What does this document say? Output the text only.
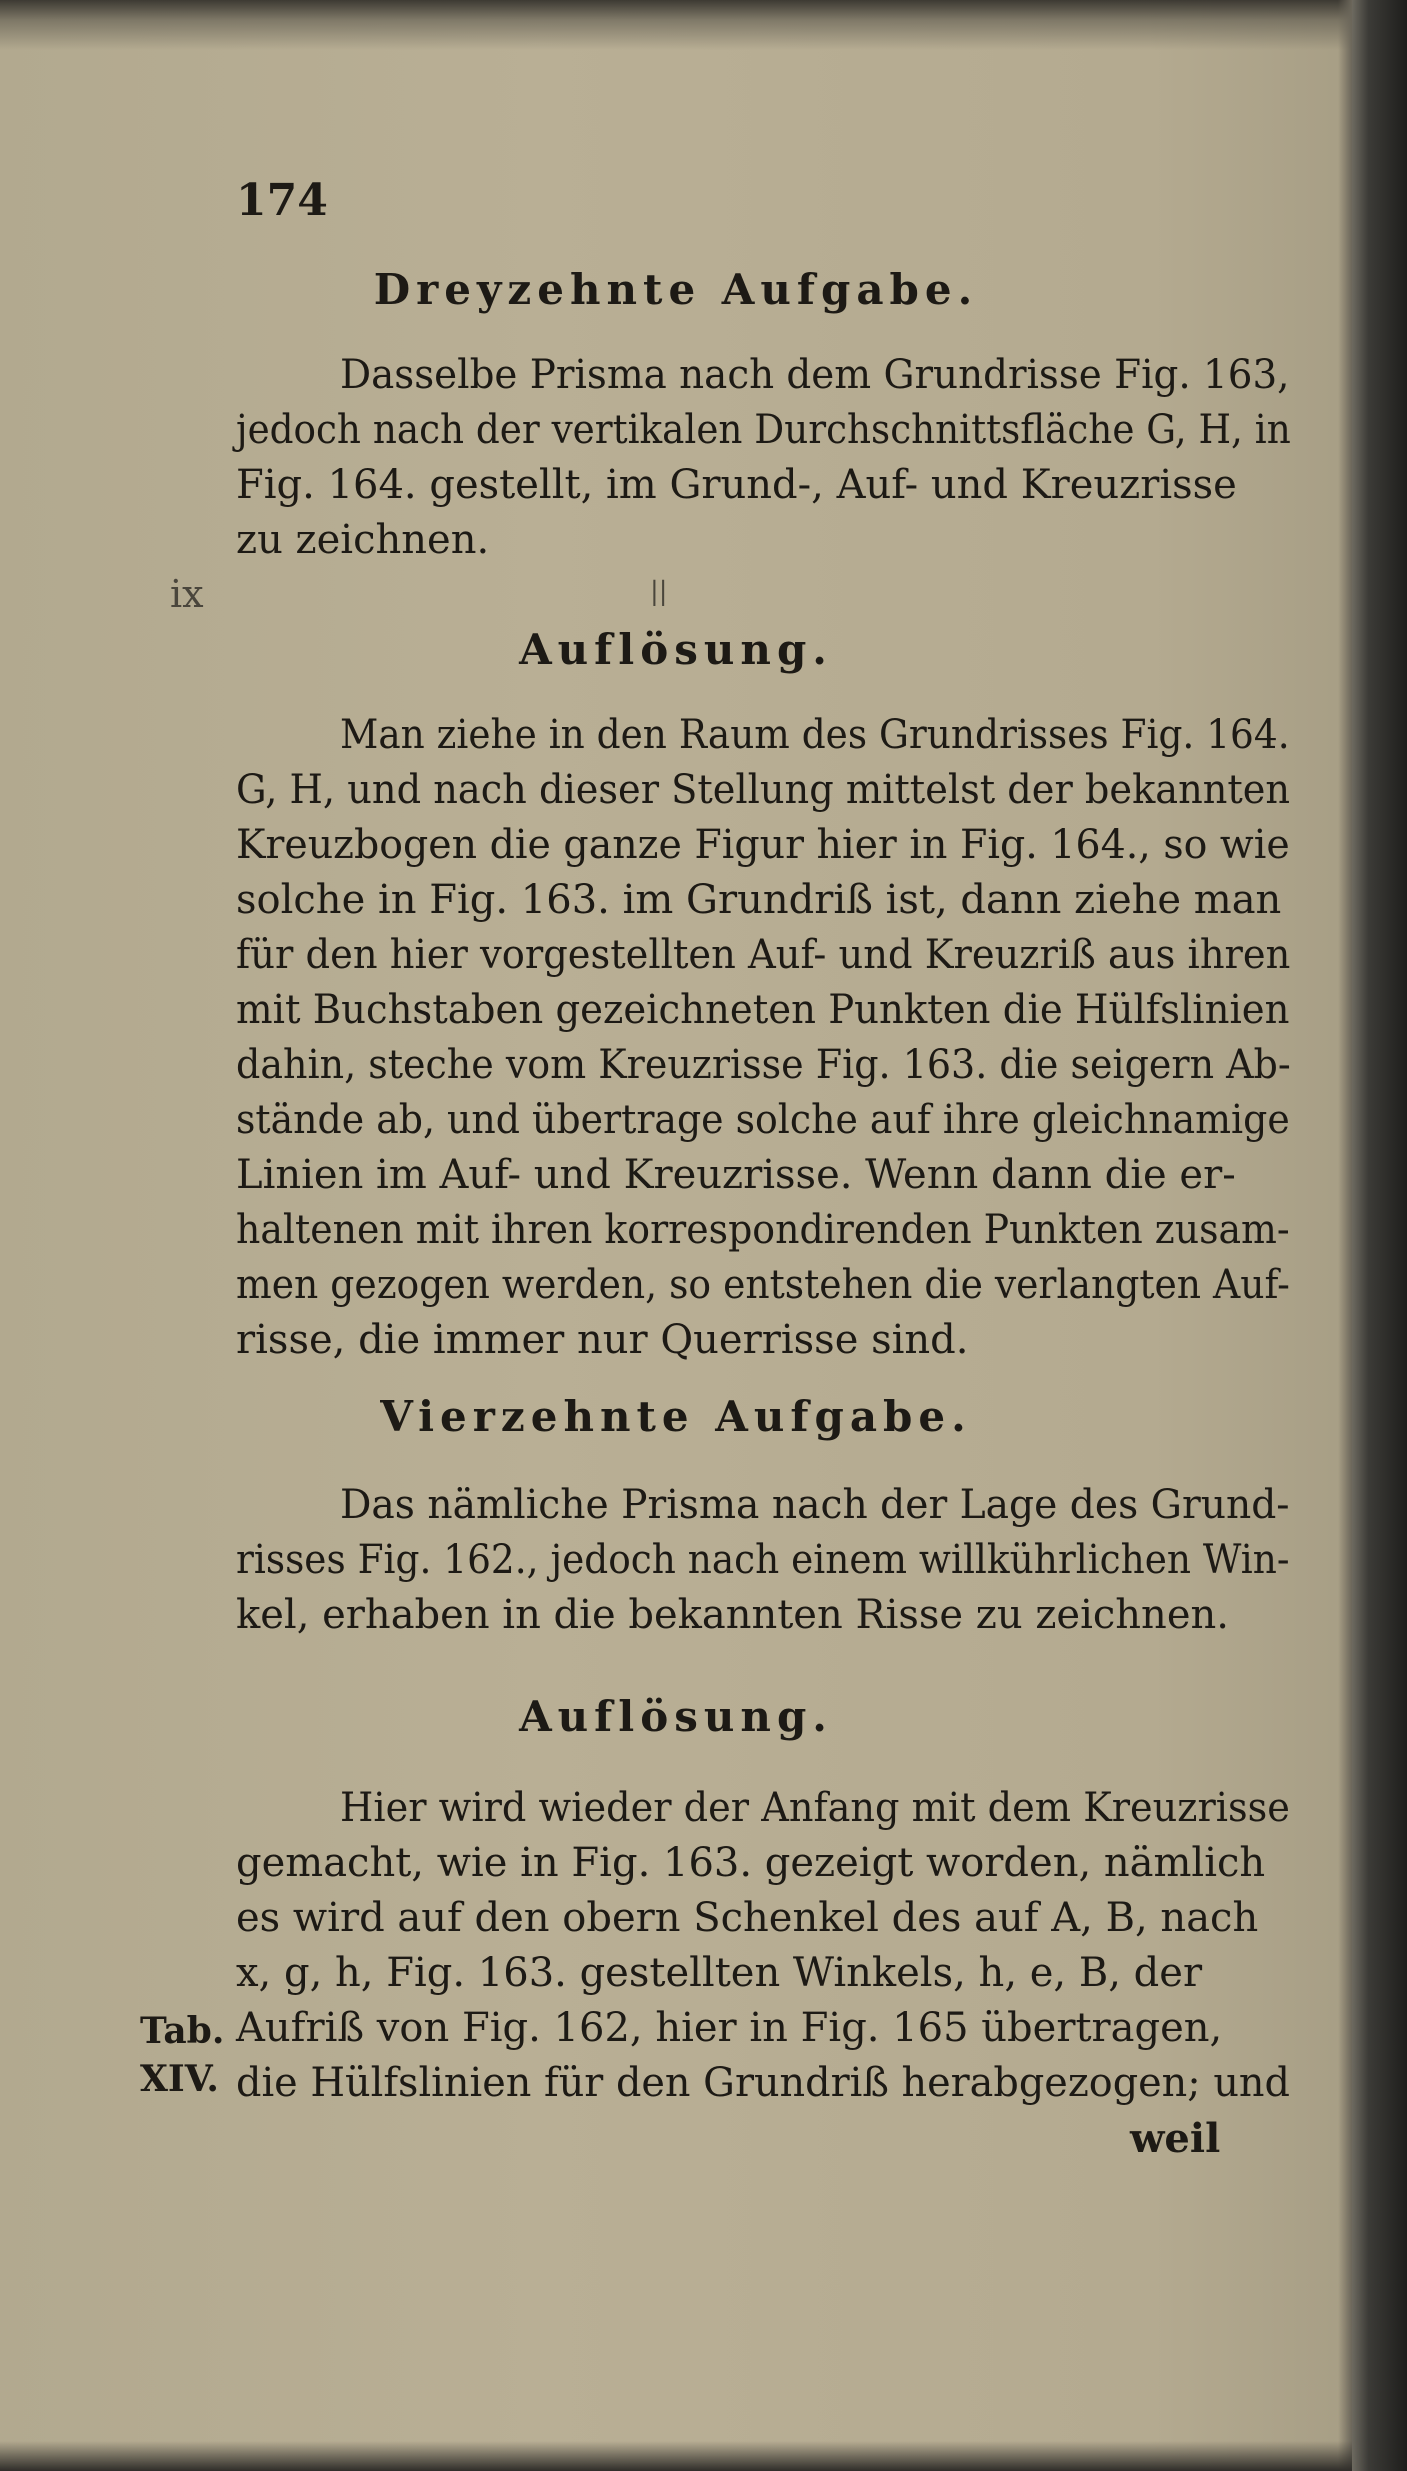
174
Dreyzehnte Aufgabe.
Dasselbe Prisma nach dem Grundrisse Fig. 163,
jedoch nach der vertikalen Durchschnittsfläche G, H, in
Fig. 164. gestellt, im Grund-, Auf- und Kreuzrisse
zu zeichnen.
ix	||
Auflösung.
Man ziehe in den Raum des Grundrisses Fig. 164.
G, H, und nach dieser Stellung mittelst der bekannten
Kreuzbogen die ganze Figur hier in Fig. 164., so wie
solche in Fig. 163. im Grundriß ist, dann ziehe man
für den hier vorgestellten Auf- und Kreuzriß aus ihren
mit Buchstaben gezeichneten Punkten die Hülfslinien
dahin, steche vom Kreuzrisse Fig. 163. die seigern Ab-
stände ab, und übertrage solche auf ihre gleichnamige
Linien im Auf- und Kreuzrisse. Wenn dann die er-
haltenen mit ihren korrespondirenden Punkten zusam-
men gezogen werden, so entstehen die verlangten Auf-
risse, die immer nur Querrisse sind.
Vierzehnte Aufgabe.
Das nämliche Prisma nach der Lage des Grund-
risses Fig. 162., jedoch nach einem willkührlichen Win-
kel, erhaben in die bekannten Risse zu zeichnen.
Auflösung.
Hier wird wieder der Anfang mit dem Kreuzrisse
gemacht, wie in Fig. 163. gezeigt worden, nämlich
es wird auf den obern Schenkel des auf A, B, nach
x, g, h, Fig. 163. gestellten Winkels, h, e, B, der
Aufriß von Fig. 162, hier in Fig. 165 übertragen,
die Hülfslinien für den Grundriß herabgezogen; und
Tab.
XIV.
weil
